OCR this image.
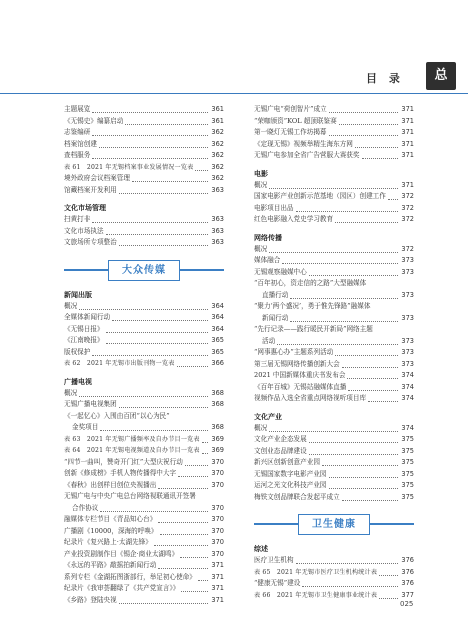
目 录	总
主题展览	361
《无锡史》编纂启动	361
志鉴编研	362
档案馆创建	362
查档服务	362
表 61　2021 年无锡档案事业发展情况一览表	362
境外政府会议档案管理	362
馆藏档案开发利用	363
文化市场管理
扫黄打非	363
文化市场执法	363
文旅场所专项整治	363
大众传媒
新闻出版
概况	364
全媒体新闻行动	364
《无锡日报》	364
《江南晚报》	365
版权保护	365
表 62　2021 年无锡市出版刊物一览表	366
广播电视
概况	368
无锡广播电视集团	368
《一起忆心》入围由百团“以心为民”
金奖项目	368
表 63　2021 年无锡广播频率及自办节目一览表 369
表 64　2021 年无锡电视频道及自办节目一览表 369
“四节一曲叫，赞奇开门红”大型庆祝行动	370
创新《修成榜》手机人物传播得中大字	370
《春秋》出创样目创位央视播出	370
无锡广电与中央广电总台网络视联通讯开签署
合作协议	370
融媒体专栏节目《青品知心台》	370
广播剧《10000，深海的呼唤》	370
纪录片《复兴路上·太湖先锋》	370
产业投资剧制作目《锡企·商业太湖鸣》	370
《永远的平路》敲摇拍新闻行动	371
系列专栏《金湖拓图浙部行，举足初心使命》 371
纪录片《我审荟翻绿了《共产党宣言》》	371
《乡路》登陆央视	371
无锡广电“荷创智片”成立	371
“荣咖颁资”KOL 超顶联鉴赛	371
第一晓灯无锡工作坊揭幕	371
《定现无锡》视频举精生海东方网	371
无锡广电参加全省广告营服大赛获奖	371
电影
概况	371
国家电影产业创新示范基地（园区）创建工作 372
电影项目出品	372
红色电影融入党史学习教育	372
网络传播
概况	372
媒体融合	373
无锡观察融媒中心	373
“百年初心，资走信的之路”大型融媒体
直播行动	373
“聚力‘两个盛况’，勇于惟先锋路”融媒体
新闻行动	373
“先行记录——践行暖民开新局”网络主题
活动	373
“网事惠心办”主题系列活动	373
第三届无锡网络传播创新大会	373
2021 中国新媒体重庆书发布会	374
《百年百城》无锡站融媒体直播	374
视频作品入选全省重点网络视听项目库	374
文化产业
概况	374
文化产业企态发展	375
文创业态品牌建设	375
新兴区创新创意产业园	375
无锡国家数字电影产业园	375
运河之光文化科技产业园	375
梅铁文创品牌联合发起平成立	375
卫生健康
综述
医疗卫生机构	376
表 65　2021 年无锡市医疗卫生机构统计表	376
“健康无锡”建设	376
表 66　2021 年无锡市卫生健康事业统计表	377
025
